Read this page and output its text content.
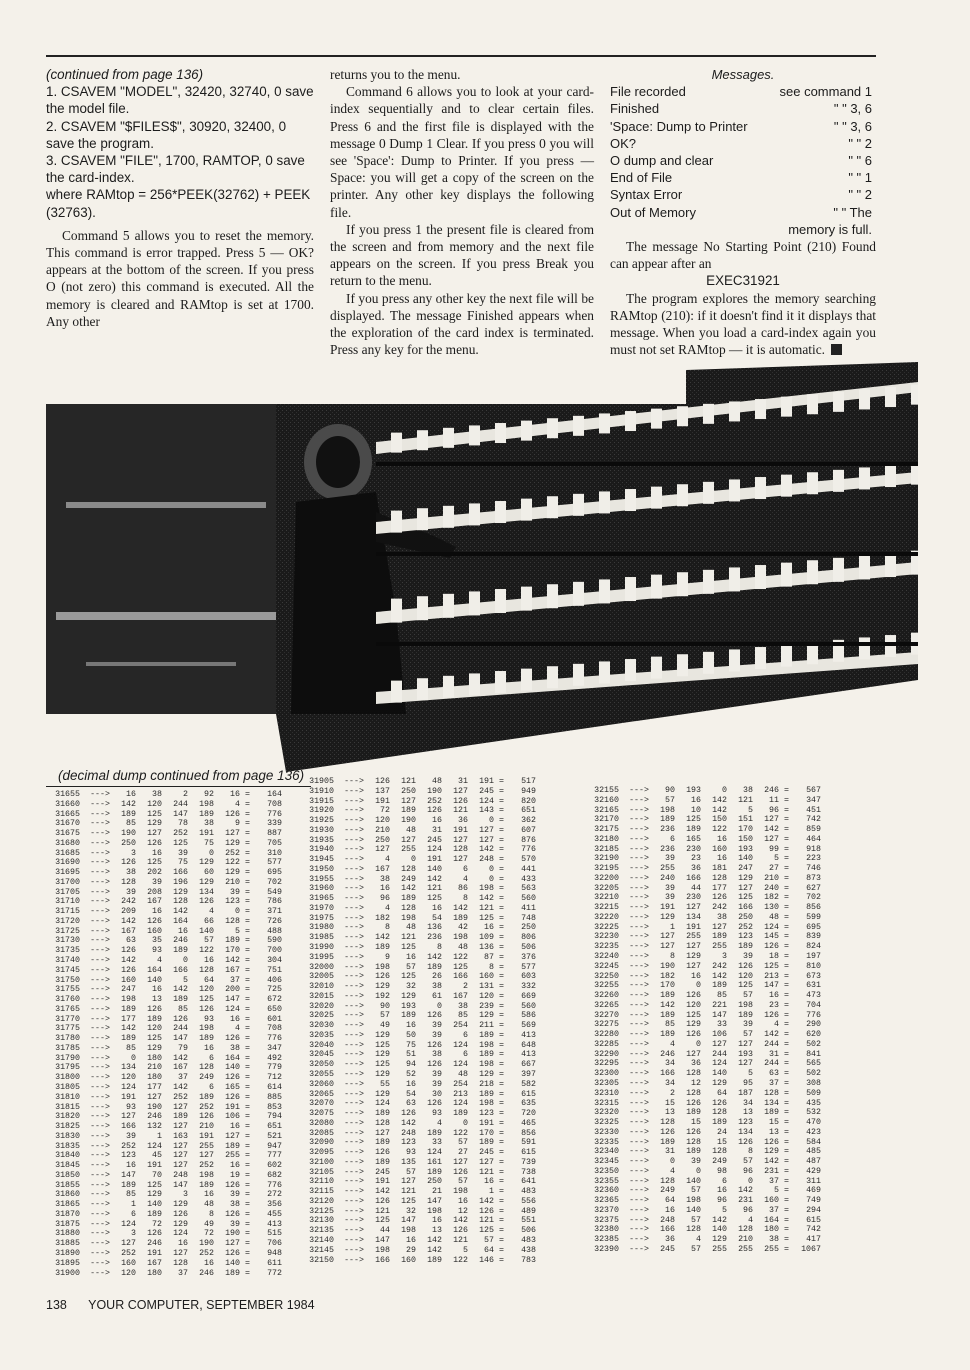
(continued from page 136)
1. CSAVEM "MODEL", 32420, 32740, 0 save the model file.
2. CSAVEM "$FILES$", 30920, 32400, 0 save the program.
3. CSAVEM "FILE", 1700, RAMTOP, 0 save the card-index.
where RAMtop = 256*PEEK(32762) + PEEK (32763).

Command 5 allows you to reset the memory. This command is error trapped. Press 5 — OK? appears at the bottom of the screen. If you press O (not zero) this command is executed. All the memory is cleared and RAMtop is set at 1700. Any other

returns you to the menu.

Command 6 allows you to look at your card-index sequentially and to clear certain files. Press 6 and the first file is displayed with the message 0 Dump 1 Clear. If you press 0 you will see 'Space': Dump to Printer. If you press — Space: you will get a copy of the screen on the printer. Any other key displays the following file.

If you press 1 the present file is cleared from the screen and from memory and the next file appears on the screen. If you press Break you return to the menu.

If you press any other key the next file will be displayed. The message Finished appears when the exploration of the card index is terminated. Press any key for the menu.

Messages.
File recorded	see command 1
Finished	" " 3, 6
'Space: Dump to Printer	" " 3, 6
OK?	" " 2
O dump and clear	" " 6
End of File	" " 1
Syntax Error	" " 2
Out of Memory	" " The
memory is full.

The message No Starting Point (210) Found can appear after an

EXEC31921

The program explores the memory searching RAMtop (210): if it doesn't find it it displays that message. When you load a card-index again you must not set RAMtop — it is automatic.

(decimal dump continued from page 136)
31655 ---> 16 38	2 92 16 = 164
31660 ---> 142 120 244 198	4 = 708
31665 ---> 189 125 147 189 126 = 776
31670 ---> 85 129 78 38	9 = 339
31675 ---> 190 127 252 191 127 = 887
31680 ---> 250 126 125 75 129 = 705
31685 --->	3 16 39	0 252 = 310
31690 ---> 126 125 75 129 122 = 577
31695 ---> 38 202 166 60 129 = 695
31700 ---> 128 39 196 129 210 = 702
31705 ---> 39 208 129 134 39 = 549
31710 ---> 242 167 128 126 123 = 786
31715 ---> 209 16 142	4	0 = 371
31720 ---> 142 126 164 66 128 = 726
31725 ---> 167 160 16 140	5 = 488
31730 ---> 63 35 246 57 189 = 590
31735 ---> 126 93 189 122 170 = 700
31740 ---> 142	4	0 16 142 = 304
31745 ---> 126 164 166 128 167 = 751
31750 ---> 160 140	5 64 37 = 406
31755 ---> 247 16 142 120 200 = 725
31760 ---> 198 13 189 125 147 = 672
31765 ---> 189 126 85 126 124 = 650
31770 ---> 177 189 126 93 16 = 601
31775 ---> 142 120 244 198	4 = 708
31780 ---> 189 125 147 189 126 = 776
31785 ---> 85 129 79 16 38 = 347
31790 --->	0 180 142	6 164 = 492
31795 ---> 134 210 167 128 140 = 779
31800 ---> 120 180 37 249 126 = 712
31805 ---> 124 177 142	6 165 = 614
31810 ---> 191 127 252 189 126 = 885
31815 ---> 93 190 127 252 191 = 853
31820 ---> 127 246 189 126 106 = 794
31825 ---> 166 132 127 210 16 = 651
31830 ---> 39	1 163 191 127 = 521
31835 ---> 252 124 127 255 189 = 947
31840 ---> 123 45 127 127 255 = 777
31845 ---> 16 191 127 252 16 = 602
31850 ---> 147 70 248 198 19 = 682
31855 ---> 189 125 147 189 126 = 776
31860 ---> 85 129	3 16 39 = 272
31865 --->	1 140 129 48 38 = 356
31870 --->	6 189 126	8 126 = 455
31875 ---> 124 72 129 49 39 = 413
31880 --->	3 126 124 72 190 = 515
31885 ---> 127 246 16 190 127 = 706
31890 ---> 252 191 127 252 126 = 948
31895 ---> 160 167 128 16 140 = 611
31900 ---> 120 180 37 246 189 = 772
31905 ---> 126 121 48 31 191 = 517
31910 ---> 137 250 190 127 245 = 949
31915 ---> 191 127 252 126 124 = 820
31920 ---> 72 189 126 121 143 = 651
31925 ---> 120 190 16 36	0 = 362
31930 ---> 210 48 31 191 127 = 607
31935 ---> 250 127 245 127 127 = 876
31940 ---> 127 255 124 128 142 = 776
31945 --->	4	0 191 127 248 = 570
31950 ---> 167 128 140	6	0 = 441
31955 ---> 38 249 142	4	0 = 433
31960 ---> 16 142 121 86 198 = 563
31965 ---> 96 189 125	8 142 = 560
31970 --->	4 128 16 142 121 = 411
31975 ---> 182 198 54 189 125 = 748
31980 --->	8 48 136 42 16 = 250
31985 ---> 142 121 236 198 109 = 806
31990 ---> 189 125	8 48 136 = 506
31995 --->	9 16 142 122 87 = 376
32000 ---> 198 57 189 125	8 = 577
32005 ---> 126 125 26 166 160 = 603
32010 ---> 129 32 38	2 131 = 332
32015 ---> 192 129 61 167 120 = 669
32020 ---> 90 193	0 38 239 = 560
32025 ---> 57 189 126 85 129 = 586
32030 ---> 49 16 39 254 211 = 569
32035 ---> 129 50 39	6 189 = 413
32040 ---> 125 75 126 124 198 = 648
32045 ---> 129 51 38	6 189 = 413
32050 ---> 125 94 126 124 198 = 667
32055 ---> 129 52 39 48 129 = 397
32060 ---> 55 16 39 254 218 = 582
32065 ---> 129 54 30 213 189 = 615
32070 ---> 124 63 126 124 198 = 635
32075 ---> 189 126 93 189 123 = 720
32080 ---> 128 142	4	0 191 = 465
32085 ---> 127 248 189 122 170 = 856
32090 ---> 189 123 33 57 189 = 591
32095 ---> 126 93 124 27 245 = 615
32100 ---> 189 135 161 127 127 = 739
32105 ---> 245 57 189 126 121 = 738
32110 ---> 191 127 250 57 16 = 641
32115 ---> 142 121 21 198	1 = 483
32120 ---> 126 125 147 16 142 = 556
32125 ---> 121 32 198 12 126 = 489
32130 ---> 125 147 16 142 121 = 551
32135 ---> 44 198 13 126 125 = 506
32140 ---> 147 16 142 121 57 = 483
32145 ---> 198 29 142	5 64 = 438
32150 ---> 166 160 189 122 146 = 783
32155 ---> 90 193	0 38 246 = 567
32160 ---> 57 16 142 121 11 = 347
32165 ---> 198 10 142	5 96 = 451
32170 ---> 189 125 150 151 127 = 742
32175 ---> 236 189 122 170 142 = 859
32180 --->	6 165 16 150 127 = 464
32185 ---> 236 230 160 193 99 = 918
32190 ---> 39 23 16 140	5 = 223
32195 ---> 255 36 181 247 27 = 746
32200 ---> 240 166 128 129 210 = 873
32205 ---> 39 44 177 127 240 = 627
32210 ---> 39 230 126 125 182 = 702
32215 ---> 191 127 242 166 130 = 856
32220 ---> 129 134 38 250 48 = 599
32225 --->	1 191 127 252 124 = 695
32230 ---> 127 255 189 123 145 = 839
32235 ---> 127 127 255 189 126 = 824
32240 --->	8 129	3 39 18 = 197
32245 ---> 190 127 242 126 125 = 810
32250 ---> 182 16 142 120 213 = 673
32255 ---> 170	0 189 125 147 = 631
32260 ---> 189 126 85 57 16 = 473
32265 ---> 142 120 221 198 23 = 704
32270 ---> 189 125 147 189 126 = 776
32275 ---> 85 129 33 39	4 = 290
32280 ---> 189 126 106 57 142 = 620
32285 --->	4	0 127 127 244 = 502
32290 ---> 246 127 244 193 31 = 841
32295 ---> 34 36 124 127 244 = 565
32300 ---> 166 128 140	5 63 = 502
32305 ---> 34 12 129 95 37 = 308
32310 --->	2 128 64 187 128 = 509
32315 ---> 15 126 126 34 134 = 435
32320 ---> 13 189 128 13 189 = 532
32325 ---> 128 15 189 123 15 = 470
32330 ---> 126 126 24 134 13 = 423
32335 ---> 189 128 15 126 126 = 584
32340 ---> 31 189 128	8 129 = 485
32345 --->	0 39 249 57 142 = 487
32350 --->	4	0 98 96 231 = 429
32355 ---> 128 140	6	0 37 = 311
32360 ---> 249 57 16 142	5 = 469
32365 ---> 64 198 96 231 160 = 749
32370 ---> 16 140	5 96 37 = 294
32375 ---> 248 57 142	4 164 = 615
32380 ---> 166 128 140 128 180 = 742
32385 ---> 36	4 129 210 38 = 417
32390 ---> 245 57 255 255 255 = 1067
138 YOUR COMPUTER, SEPTEMBER 1984
